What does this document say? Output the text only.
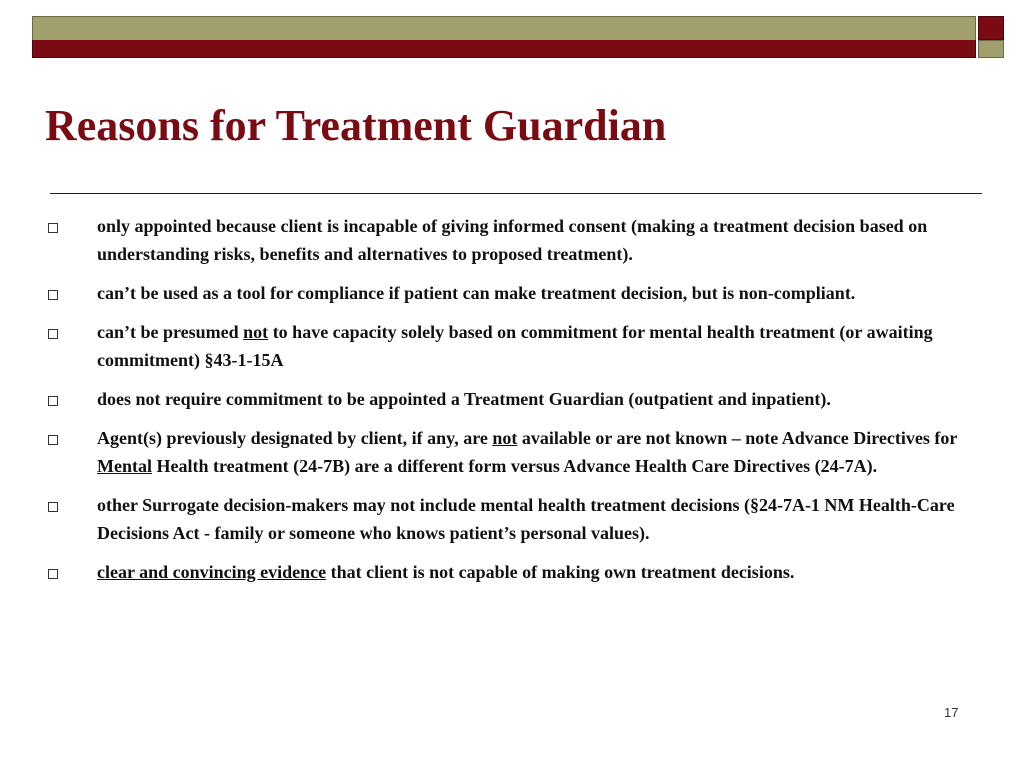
Reasons for Treatment Guardian
only appointed because client is incapable of giving informed consent (making a treatment decision based on understanding risks, benefits and alternatives to proposed treatment).
can’t be used as a tool for compliance if patient can make treatment decision, but is non-compliant.
can’t be presumed not to have capacity solely based on commitment for mental health treatment (or awaiting commitment) §43-1-15A
does not require commitment to be appointed a Treatment Guardian (outpatient and inpatient).
Agent(s) previously designated by client, if any, are not available or are not known – note Advance Directives for Mental Health treatment (24-7B) are a different form versus Advance Health Care Directives (24-7A).
other Surrogate decision-makers may not include mental health treatment decisions (§24-7A-1 NM Health-Care Decisions Act - family or someone who knows patient’s personal values).
clear and convincing evidence that client is not capable of making own treatment decisions.
17
